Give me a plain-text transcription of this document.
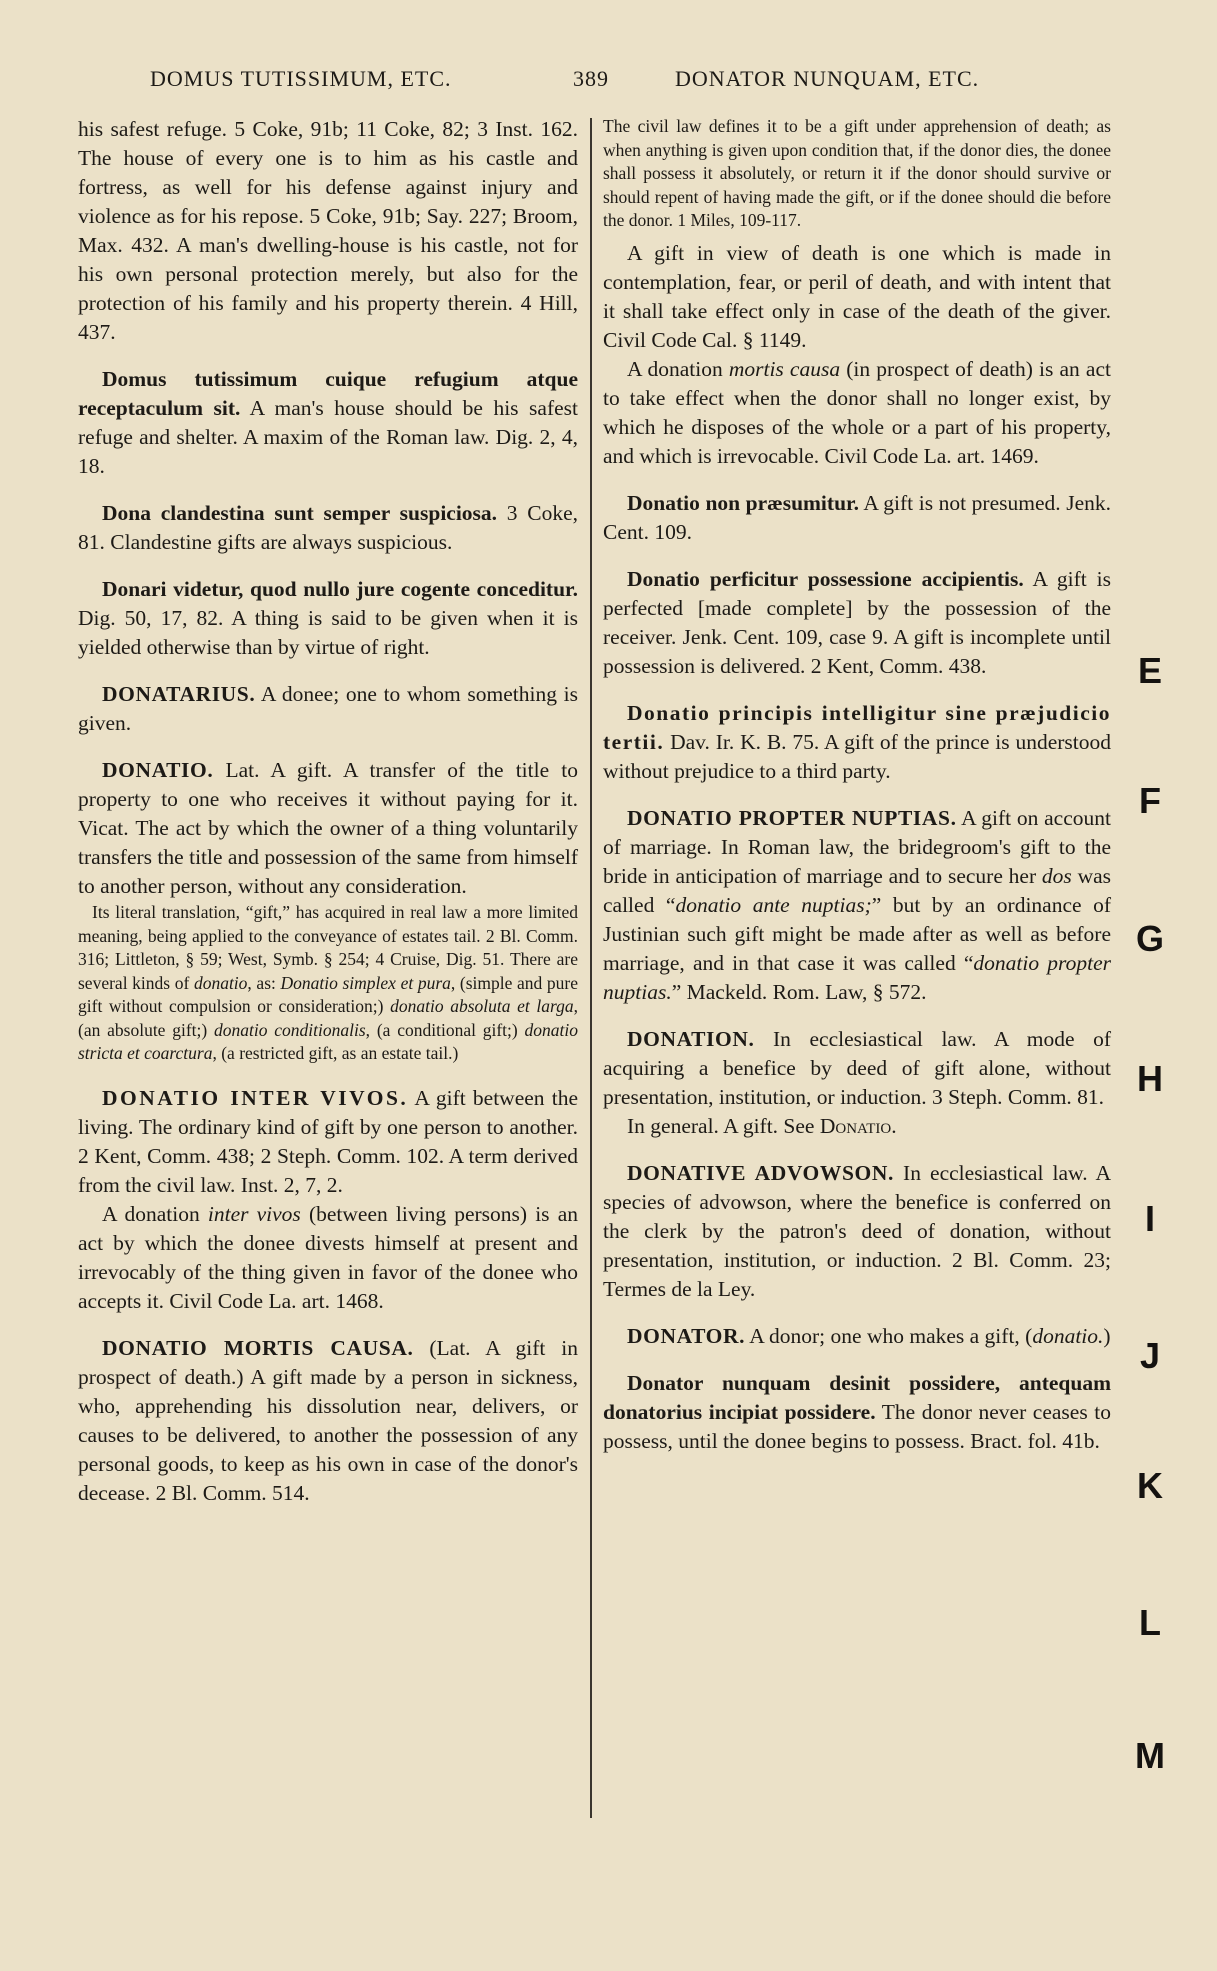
DOMUS TUTISSIMUM, ETC.	389	DONATOR NUNQUAM, ETC.

his safest refuge. 5 Coke, 91b; 11 Coke, 82; 3 Inst. 162. The house of every one is to him as his castle and fortress, as well for his defense against injury and violence as for his repose. 5 Coke, 91b; Say. 227; Broom, Max. 432. A man's dwelling-house is his castle, not for his own personal protection merely, but also for the protection of his family and his property therein. 4 Hill, 437.

Domus tutissimum cuique refugium atque receptaculum sit. A man's house should be his safest refuge and shelter. A maxim of the Roman law. Dig. 2, 4, 18.

Dona clandestina sunt semper suspiciosa. 3 Coke, 81. Clandestine gifts are always suspicious.

Donari videtur, quod nullo jure cogente conceditur. Dig. 50, 17, 82. A thing is said to be given when it is yielded otherwise than by virtue of right.

DONATARIUS. A donee; one to whom something is given.

DONATIO. Lat. A gift. A transfer of the title to property to one who receives it without paying for it. Vicat. The act by which the owner of a thing voluntarily transfers the title and possession of the same from himself to another person, without any consideration.

Its literal translation, “gift,” has acquired in real law a more limited meaning, being applied to the conveyance of estates tail. 2 Bl. Comm. 316; Littleton, § 59; West, Symb. § 254; 4 Cruise, Dig. 51. There are several kinds of donatio, as: Donatio simplex et pura, (simple and pure gift without compulsion or consideration;) donatio absoluta et larga, (an absolute gift;) donatio conditionalis, (a conditional gift;) donatio stricta et coarctura, (a restricted gift, as an estate tail.)

DONATIO INTER VIVOS. A gift between the living. The ordinary kind of gift by one person to another. 2 Kent, Comm. 438; 2 Steph. Comm. 102. A term derived from the civil law. Inst. 2, 7, 2.

A donation inter vivos (between living persons) is an act by which the donee divests himself at present and irrevocably of the thing given in favor of the donee who accepts it. Civil Code La. art. 1468.

DONATIO MORTIS CAUSA. (Lat. A gift in prospect of death.) A gift made by a person in sickness, who, apprehending his dissolution near, delivers, or causes to be delivered, to another the possession of any personal goods, to keep as his own in case of the donor's decease. 2 Bl. Comm. 514.

The civil law defines it to be a gift under apprehension of death; as when anything is given upon condition that, if the donor dies, the donee shall possess it absolutely, or return it if the donor should survive or should repent of having made the gift, or if the donee should die before the donor. 1 Miles, 109-117.

A gift in view of death is one which is made in contemplation, fear, or peril of death, and with intent that it shall take effect only in case of the death of the giver. Civil Code Cal. § 1149.

A donation mortis causa (in prospect of death) is an act to take effect when the donor shall no longer exist, by which he disposes of the whole or a part of his property, and which is irrevocable. Civil Code La. art. 1469.

Donatio non præsumitur. A gift is not presumed. Jenk. Cent. 109.

Donatio perficitur possessione accipientis. A gift is perfected [made complete] by the possession of the receiver. Jenk. Cent. 109, case 9. A gift is incomplete until possession is delivered. 2 Kent, Comm. 438.

Donatio principis intelligitur sine præjudicio tertii. Dav. Ir. K. B. 75. A gift of the prince is understood without prejudice to a third party.

DONATIO PROPTER NUPTIAS. A gift on account of marriage. In Roman law, the bridegroom's gift to the bride in anticipation of marriage and to secure her dos was called “donatio ante nuptias;” but by an ordinance of Justinian such gift might be made after as well as before marriage, and in that case it was called “donatio propter nuptias.” Mackeld. Rom. Law, § 572.

DONATION. In ecclesiastical law. A mode of acquiring a benefice by deed of gift alone, without presentation, institution, or induction. 3 Steph. Comm. 81.

In general. A gift. See Donatio.

DONATIVE ADVOWSON. In ecclesiastical law. A species of advowson, where the benefice is conferred on the clerk by the patron's deed of donation, without presentation, institution, or induction. 2 Bl. Comm. 23; Termes de la Ley.

DONATOR. A donor; one who makes a gift, (donatio.)

Donator nunquam desinit possidere, antequam donatorius incipiat possidere. The donor never ceases to possess, until the donee begins to possess. Bract. fol. 41b.

E
F
G
H
I
J
K
L
M
